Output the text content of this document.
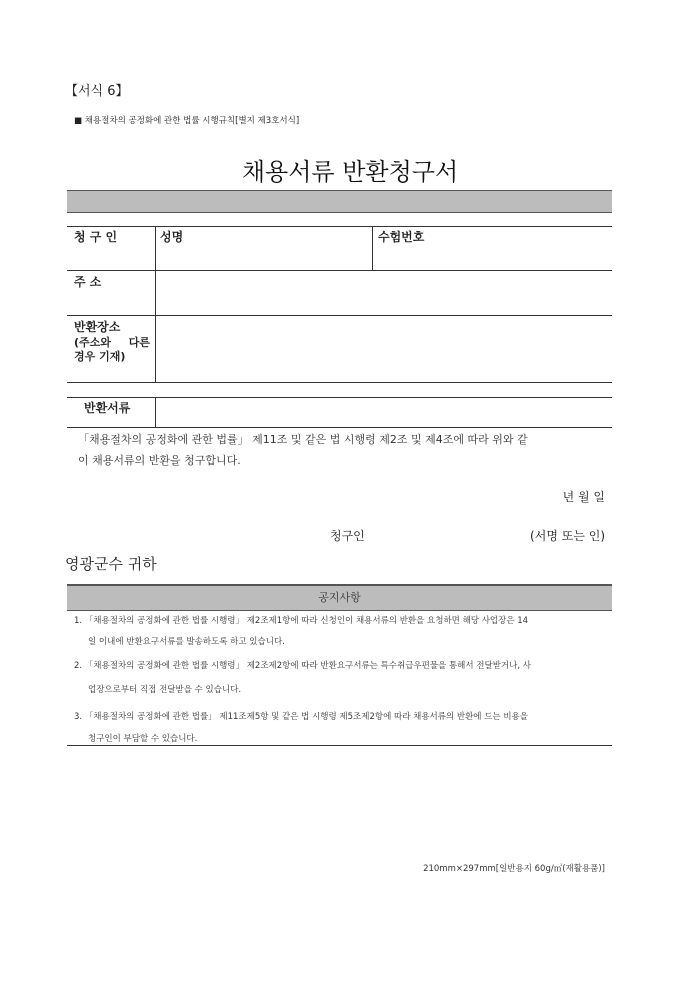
【서식 6】
■ 채용절차의 공정화에 관한 법률 시행규칙[별지 제3호서식]
채용서류 반환청구서
청 구 인	성명	수험번호
주 소
반환장소
(주소와 다른
경우 기재)
반환서류
「채용절차의 공정화에 관한 법률」 제11조 및 같은 법 시행령 제2조 및 제4조에 따라 위와 같
이 채용서류의 반환을 청구합니다.
년 월 일
청구인	(서명 또는 인)
영광군수 귀하
공지사항
1. 「채용절차의 공정화에 관한 법률 시행령」 제2조제1항에 따라 신청인이 채용서류의 반환을 요청하면 해당 사업장은 14
일 이내에 반환요구서류를 발송하도록 하고 있습니다.
2. 「채용절차의 공정화에 관한 법률 시행령」 제2조제2항에 따라 반환요구서류는 특수취급우편물을 통해서 전달받거나, 사
업장으로부터 직접 전달받을 수 있습니다.
3. 「채용절차의 공정화에 관한 법률」 제11조제5항 및 같은 법 시행령 제5조제2항에 따라 채용서류의 반환에 드는 비용을
청구인이 부담할 수 있습니다.
210mm×297mm[일반용지 60g/㎡(재활용품)]
